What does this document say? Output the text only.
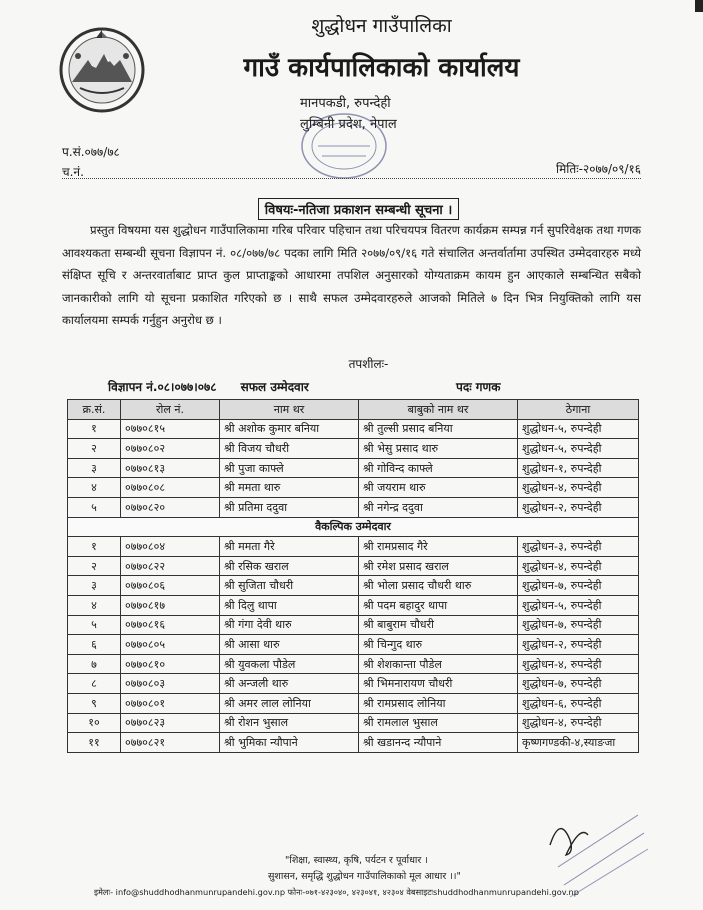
शुद्धोधन गाउँपालिका
गाउँ कार्यपालिकाको कार्यालय
मानपकडी, रुपन्देही
लुम्बिनी प्रदेश, नेपाल
प.सं.०७७/७८
च.नं.	मितिः-२०७७/०९/१६
विषयः-नतिजा प्रकाशन सम्बन्धी सूचना ।
प्रस्तुत विषयमा यस शुद्धोधन गाउँपालिकामा गरिब परिवार पहिचान तथा परिचयपत्र वितरण कार्यक्रम सम्पन्न गर्न सुपरिवेक्षक तथा गणक आवश्यकता सम्बन्धी सूचना विज्ञापन नं. ०८/०७७/७८ पदका लागि मिति २०७७/०९/१६ गते संचालित अन्तर्वार्तामा उपस्थित उम्मेदवारहरु मध्ये संक्षिप्त सूचि र अन्तरवार्ताबाट प्राप्त कुल प्राप्ताङ्कको आधारमा तपशिल अनुसारको योग्यताक्रम कायम हुन आएकाले सम्बन्धित सबैको जानकारीको लागि यो सूचना प्रकाशित गरिएको छ । साथै सफल उम्मेदवारहरुले आजको मितिले ७ दिन भित्र नियुक्तिको लागि यस कार्यालयमा सम्पर्क गर्नुहुन अनुरोध छ ।
तपशीलः-
विज्ञापन नं.०८।०७७।०७८ सफल उम्मेदवार	पदः गणक
क्र.सं.	रोल नं.	नाम थर	बाबुको नाम थर	ठेगाना
१	०७७०८१५	श्री अशोक कुमार बनिया	श्री तुल्सी प्रसाद बनिया	शुद्धोधन-५, रुपन्देही
२	०७७०८०२	श्री विजय चौधरी	श्री भेसु प्रसाद थारु	शुद्धोधन-५, रुपन्देही
३	०७७०८१३	श्री पुजा काफ्ले	श्री गोविन्द काफ्ले	शुद्धोधन-१, रुपन्देही
४	०७७०८०८	श्री ममता थारु	श्री जयराम थारु	शुद्धोधन-४, रुपन्देही
५	०७७०८२०	श्री प्रतिमा ददुवा	श्री नगेन्द्र ददुवा	शुद्धोधन-२, रुपन्देही
वैकल्पिक उम्मेदवार				
१	०७७०८०४	श्री ममता गैरे	श्री रामप्रसाद गैरे	शुद्धोधन-३, रुपन्देही
२	०७७०८२२	श्री रसिक खराल	श्री रमेश प्रसाद खराल	शुद्धोधन-४, रुपन्देही
३	०७७०८०६	श्री सुजिता चौधरी	श्री भोला प्रसाद चौधरी थारु	शुद्धोधन-७, रुपन्देही
४	०७७०८१७	श्री दिलु थापा	श्री पदम बहादुर थापा	शुद्धोधन-५, रुपन्देही
५	०७७०८१६	श्री गंगा देवी थारु	श्री बाबुराम चौधरी	शुद्धोधन-७, रुपन्देही
६	०७७०८०५	श्री आसा थारु	श्री चिन्गुद थारु	शुद्धोधन-२, रुपन्देही
७	०७७०८१०	श्री युवकला पौडेल	श्री शेशकान्ता पौडेल	शुद्धोधन-४, रुपन्देही
८	०७७०८०३	श्री अन्जली थारु	श्री भिमनारायण चौधरी	शुद्धोधन-७, रुपन्देही
९	०७७०८०१	श्री अमर लाल लोनिया	श्री रामप्रसाद लोनिया	शुद्धोधन-६, रुपन्देही
१०	०७७०८२३	श्री रोशन भुसाल	श्री रामलाल भुसाल	शुद्धोधन-४, रुपन्देही
११	०७७०८२१	श्री भुमिका न्यौपाने	श्री खडानन्द न्यौपाने	कृष्णगण्डकी-४,स्याङजा
"शिक्षा, स्वास्थ्य, कृषि, पर्यटन र पूर्वाधार ।
सुशासन, समृद्धि शुद्धोधन गाउँपालिकाको मूल आधार ।।"
इमेलः- info@shuddhodhanmunrupandehi.gov.np फोनः-०७१-४२३०४०, ४२३०४१, ४२३०४ वेबसाइटःshuddhodhanmunrupandehi.gov.np
